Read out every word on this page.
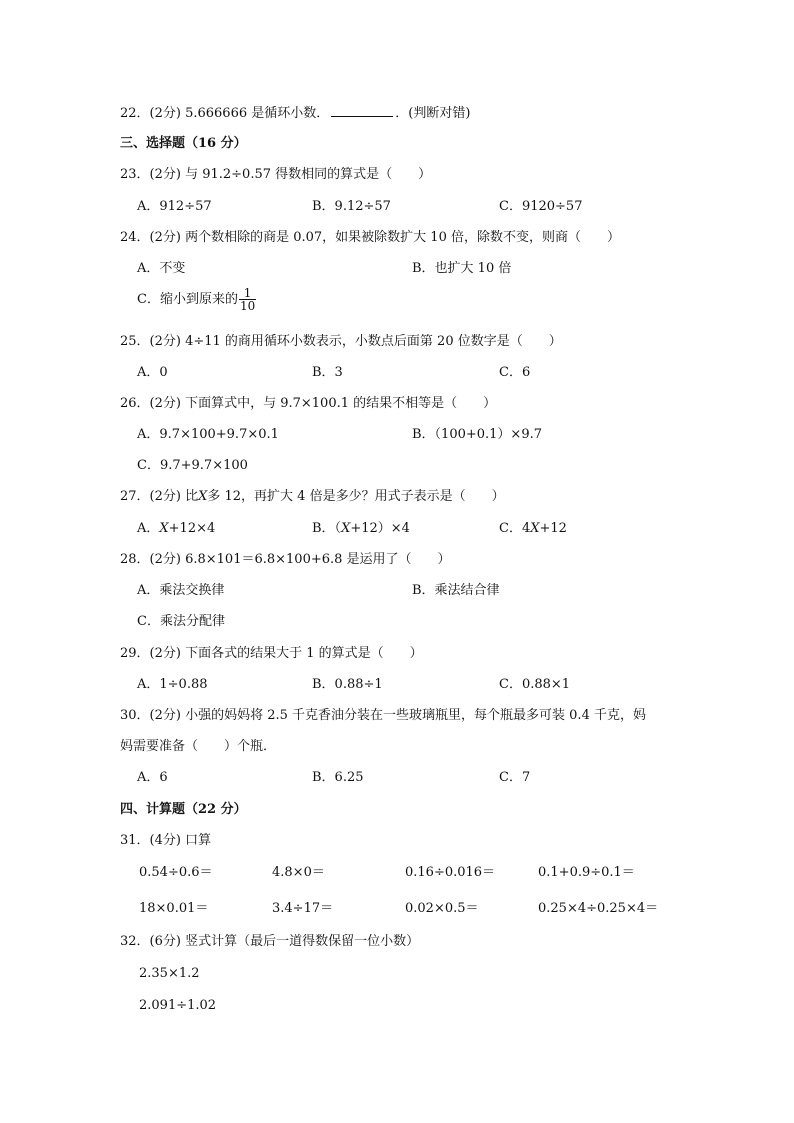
22．(2分) 5.666666 是循环小数．	．(判断对错)
三、选择题（16 分）
23．(2分) 与 91.2÷0.57 得数相同的算式是（　　）
A．912÷57	B．9.12÷57	C．9120÷57
24．(2分) 两个数相除的商是 0.07，如果被除数扩大 10 倍，除数不变，则商（　　）
A．不变	B．也扩大 10 倍
C．缩小到原来的 $\frac{1}{10}$
25．(2分) 4÷11 的商用循环小数表示，小数点后面第 20 位数字是（　　）
A．0	B．3	C．6
26．(2分) 下面算式中，与 9.7×100.1 的结果不相等是（　　）
A．9.7×100+9.7×0.1	B．（100+0.1）×9.7
C．9.7+9.7×100
27．(2分) 比X多 12，再扩大 4 倍是多少？用式子表示是（　　）
A．X+12×4	B．（X+12）×4	C．4X+12
28．(2分) 6.8×101＝6.8×100+6.8 是运用了（　　）
A．乘法交换律	B．乘法结合律
C．乘法分配律
29．(2分) 下面各式的结果大于 1 的算式是（　　）
A．1÷0.88	B．0.88÷1	C．0.88×1
30．(2分) 小强的妈妈将 2.5 千克香油分装在一些玻璃瓶里，每个瓶最多可装 0.4 千克，妈
妈需要准备（　　）个瓶．
A．6	B．6.25	C．7
四、计算题（22 分）
31．(4分) 口算
0.54÷0.6＝	4.8×0＝	0.16÷0.016＝	0.1+0.9÷0.1＝
18×0.01＝	3.4÷17＝	0.02×0.5＝	0.25×4÷0.25×4＝
32．(6分) 竖式计算（最后一道得数保留一位小数）
2.35×1.2
2.091÷1.02
